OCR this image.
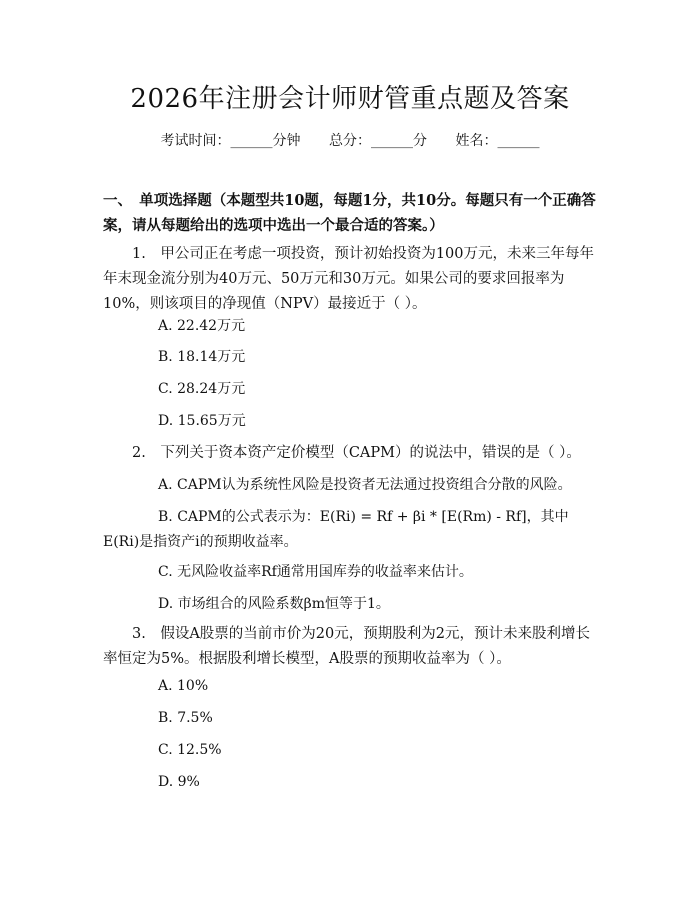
2026年注册会计师财管重点题及答案
考试时间：______分钟 总分：______分 姓名：______
一、　单项选择题（本题型共10题，每题1分，共10分。每题只有一个正确答案，请从每题给出的选项中选出一个最合适的答案。）
1.　甲公司正在考虑一项投资，预计初始投资为100万元，未来三年每年年末现金流分别为40万元、50万元和30万元。如果公司的要求回报率为10%，则该项目的净现值（NPV）最接近于（ ）。
A. 22.42万元
B. 18.14万元
C. 28.24万元
D. 15.65万元
2.　下列关于资本资产定价模型（CAPM）的说法中，错误的是（ ）。
A. CAPM认为系统性风险是投资者无法通过投资组合分散的风险。
B. CAPM的公式表示为：E(Ri) = Rf + βi * [E(Rm) - Rf]，其中E(Ri)是指资产i的预期收益率。
C. 无风险收益率Rf通常用国库券的收益率来估计。
D. 市场组合的风险系数βm恒等于1。
3.　假设A股票的当前市价为20元，预期股利为2元，预计未来股利增长率恒定为5%。根据股利增长模型，A股票的预期收益率为（ ）。
A. 10%
B. 7.5%
C. 12.5%
D. 9%
